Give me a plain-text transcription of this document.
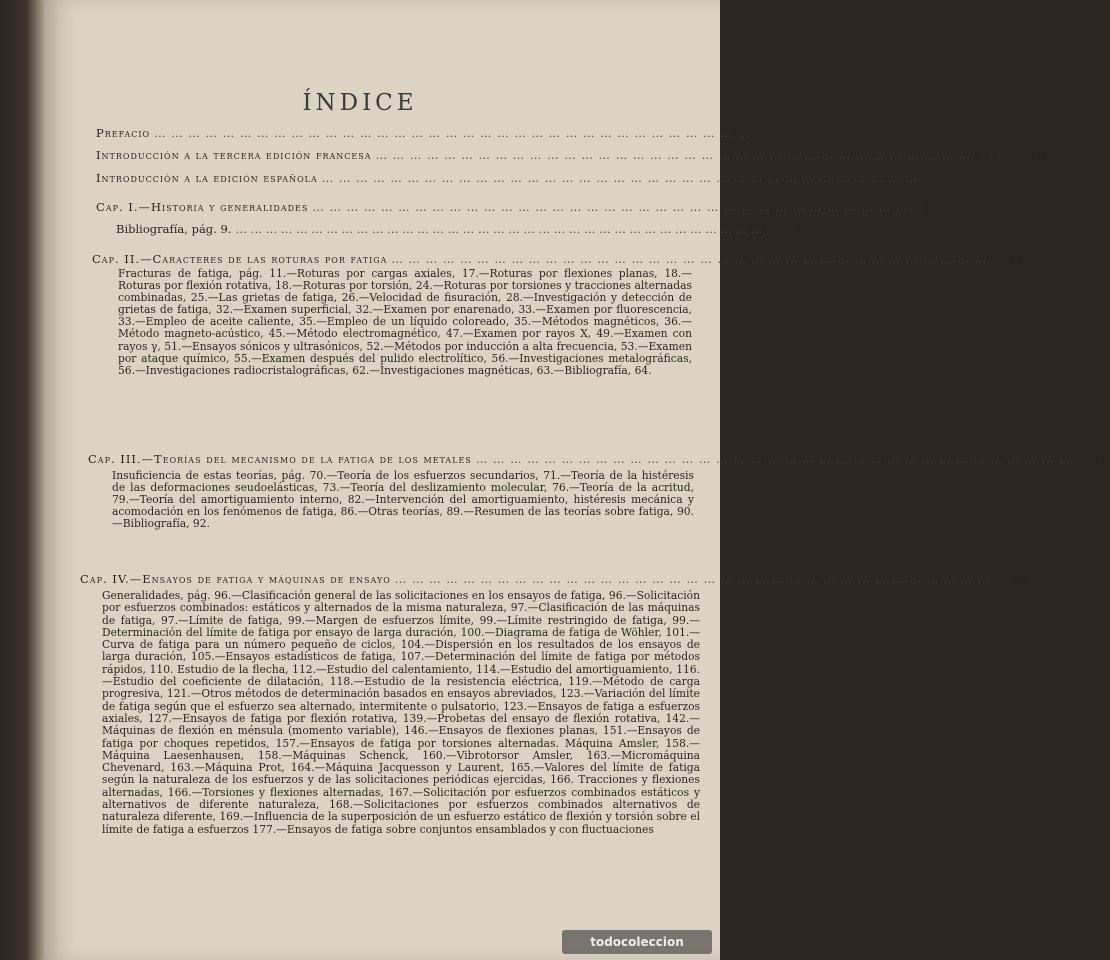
ÍNDICE
Prefacio … … … … … … … … … … … … … … … … … … … … … … … … … … … … … … … … … … …
Introducción a la tercera edición francesa … … … … … … … … … … … … … … … … … … … … … … … … … … … … … … … … … … … Pág.	vii
Introducción a la edición española … … … … … … … … … … … … … … … … … … … … … … … … … … … … … … … … … … …	xi
Cap. I.—Historia y generalidades … … … … … … … … … … … … … … … … … … … … … … … … … … … … … … … … … … …	xiii
Bibliografía, pág. 9. … … … … … … … … … … … … … … … … … … … … … … … … … … … … … … … … … … …	3
Cap. II.—Caracteres de las roturas por fatiga … … … … … … … … … … … … … … … … … … … … … … … … … … … … … … … … … … …	11
Fracturas de fatiga, pág. 11.—Roturas por cargas axiales, 17.—Roturas por flexiones planas, 18.—Roturas por flexión rotativa, 18.—Roturas por torsión, 24.—Roturas por torsiones y tracciones alternadas combinadas, 25.—Las grietas de fatiga, 26.—Velocidad de fisuración, 28.—Investigación y detección de grietas de fatiga, 32.—Examen superficial, 32.—Examen por enarenado, 33.—Examen por fluorescencia, 33.—Empleo de aceite caliente, 35.—Empleo de un líquido coloreado, 35.—Métodos magnéticos, 36.—Método magneto-acústico, 45.—Método electromagnético, 47.—Examen por rayos X, 49.—Examen con rayos γ, 51.—Ensayos sónicos y ultrasónicos, 52.—Métodos por inducción a alta frecuencia, 53.—Examen por ataque químico, 55.—Examen después del pulido electrolítico, 56.—Investigaciones metalográficas, 56.—Investigaciones radiocristalográficas, 62.—Investigaciones magnéticas, 63.—Bibliografía, 64.
Cap. III.—Teorías del mecanismo de la fatiga de los metales … … … … … … … … … … … … … … … … … … … … … … … … … … … … … … … … … … …	70
Insuficiencia de estas teorías, pág. 70.—Teoría de los esfuerzos secundarios, 71.—Teoría de la histéresis de las deformaciones seudoelásticas, 73.—Teoría del deslizamiento molecular, 76.—Teoría de la acritud, 79.—Teoría del amortiguamiento interno, 82.—Intervención del amortiguamiento, histéresis mecánica y acomodación en los fenómenos de fatiga, 86.—Otras teorías, 89.—Resumen de las teorías sobre fatiga, 90.—Bibliografía, 92.
Cap. IV.—Ensayos de fatiga y máquinas de ensayo … … … … … … … … … … … … … … … … … … … … … … … … … … … … … … … … … … …	96
Generalidades, pág. 96.—Clasificación general de las solicitaciones en los ensayos de fatiga, 96.—Solicitación por esfuerzos combinados: estáticos y alternados de la misma naturaleza, 97.—Clasificación de las máquinas de fatiga, 97.—Límite de fatiga, 99.—Margen de esfuerzos límite, 99.—Límite restringido de fatiga, 99.—Determinación del límite de fatiga por ensayo de larga duración, 100.—Diagrama de fatiga de Wöhler, 101.—Curva de fatiga para un número pequeño de ciclos, 104.—Dispersión en los resultados de los ensayos de larga duración, 105.—Ensayos estadísticos de fatiga, 107.—Determinación del límite de fatiga por métodos rápidos, 110. Estudio de la flecha, 112.—Estudio del calentamiento, 114.—Estudio del amortiguamiento, 116.—Estudio del coeficiente de dilatación, 118.—Estudio de la resistencia eléctrica, 119.—Método de carga progresiva, 121.—Otros métodos de determinación basados en ensayos abreviados, 123.—Variación del límite de fatiga según que el esfuerzo sea alternado, intermitente o pulsatorio, 123.—Ensayos de fatiga a esfuerzos axiales, 127.—Ensayos de fatiga por flexión rotativa, 139.—Probetas del ensayo de flexión rotativa, 142.—Máquinas de flexión en ménsula (momento variable), 146.—Ensayos de flexiones planas, 151.—Ensayos de fatiga por choques repetidos, 157.—Ensayos de fatiga por torsiones alternadas. Máquina Amsler, 158.—Máquina Laesenhausen, 158.—Máquinas Schenck, 160.—Vibrotorsor Amsler, 163.—Micromáquina Chevenard, 163.—Máquina Prot, 164.—Máquina Jacquesson y Laurent, 165.—Valores del límite de fatiga según la naturaleza de los esfuerzos y de las solicitaciones periódicas ejercidas, 166. Tracciones y flexiones alternadas, 166.—Torsiones y flexiones alternadas, 167.—Solicitación por esfuerzos combinados estáticos y alternativos de diferente naturaleza, 168.—Solicitaciones por esfuerzos combinados alternativos de naturaleza diferente, 169.—Influencia de la superposición de un esfuerzo estático de flexión y torsión sobre el límite de fatiga a esfuerzos 177.—Ensayos de fatiga sobre conjuntos ensamblados y con fluctuaciones
todocoleccion
